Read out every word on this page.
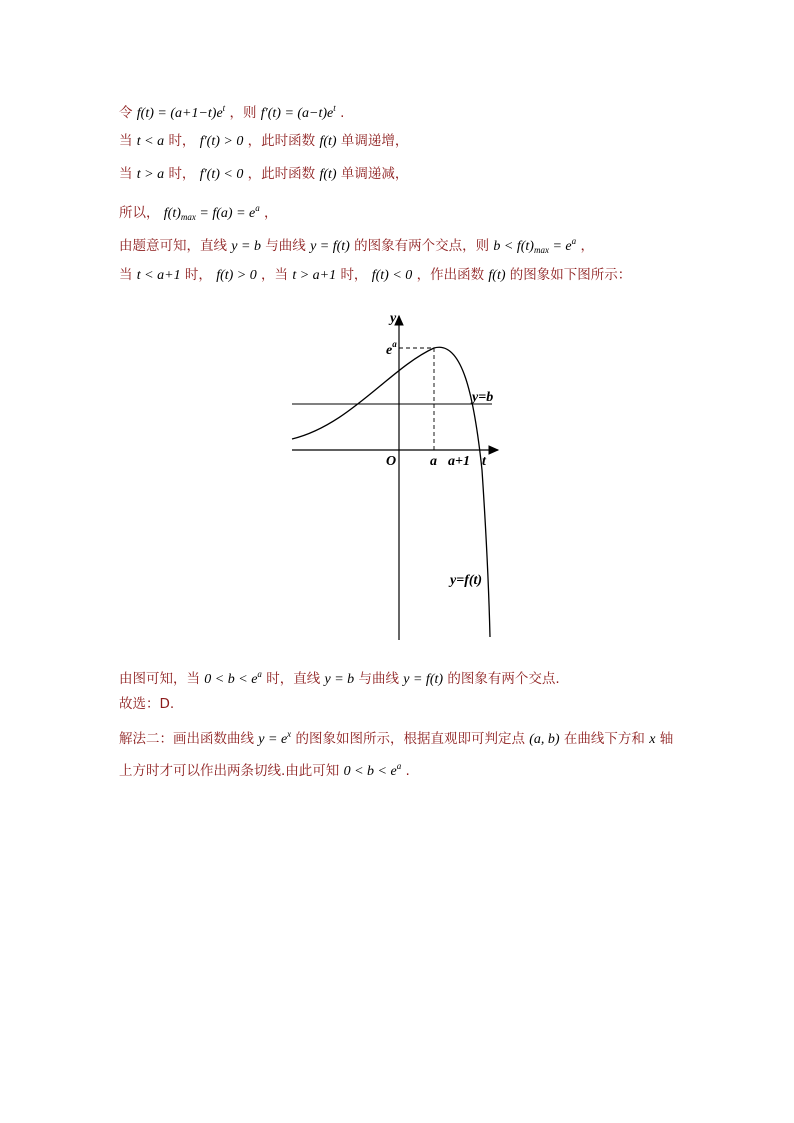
令 $f(t) = (a+1-t)e^t$ ，则 $f'(t) = (a-t)e^t$ .
当 t < a 时， f′(t) > 0 ，此时函数 f(t) 单调递增，
当 t > a 时， f′(t) < 0 ，此时函数 f(t) 单调递减，
所以， $f(t)_{max} = f(a) = e^a$ ，
由题意可知，直线 y = b 与曲线 y = f(t) 的图象有两个交点，则 $b < f(t)_{max} = e^a$ ，
当 t < a+1 时， f(t) > 0 ，当 t > a+1 时， f(t) < 0 ，作出函数 f(t) 的图象如下图所示：
y
t
O
$e^a$
a a+1
y=b
y=f(t)
由图可知，当 $0 < b < e^a$ 时，直线 y = b 与曲线 y = f(t) 的图象有两个交点.
故选：D.
解法二：画出函数曲线 $y = e^x$ 的图象如图所示，根据直观即可判定点 (a, b) 在曲线下方和 x 轴
上方时才可以作出两条切线.由此可知 $0 < b < e^a$ .
